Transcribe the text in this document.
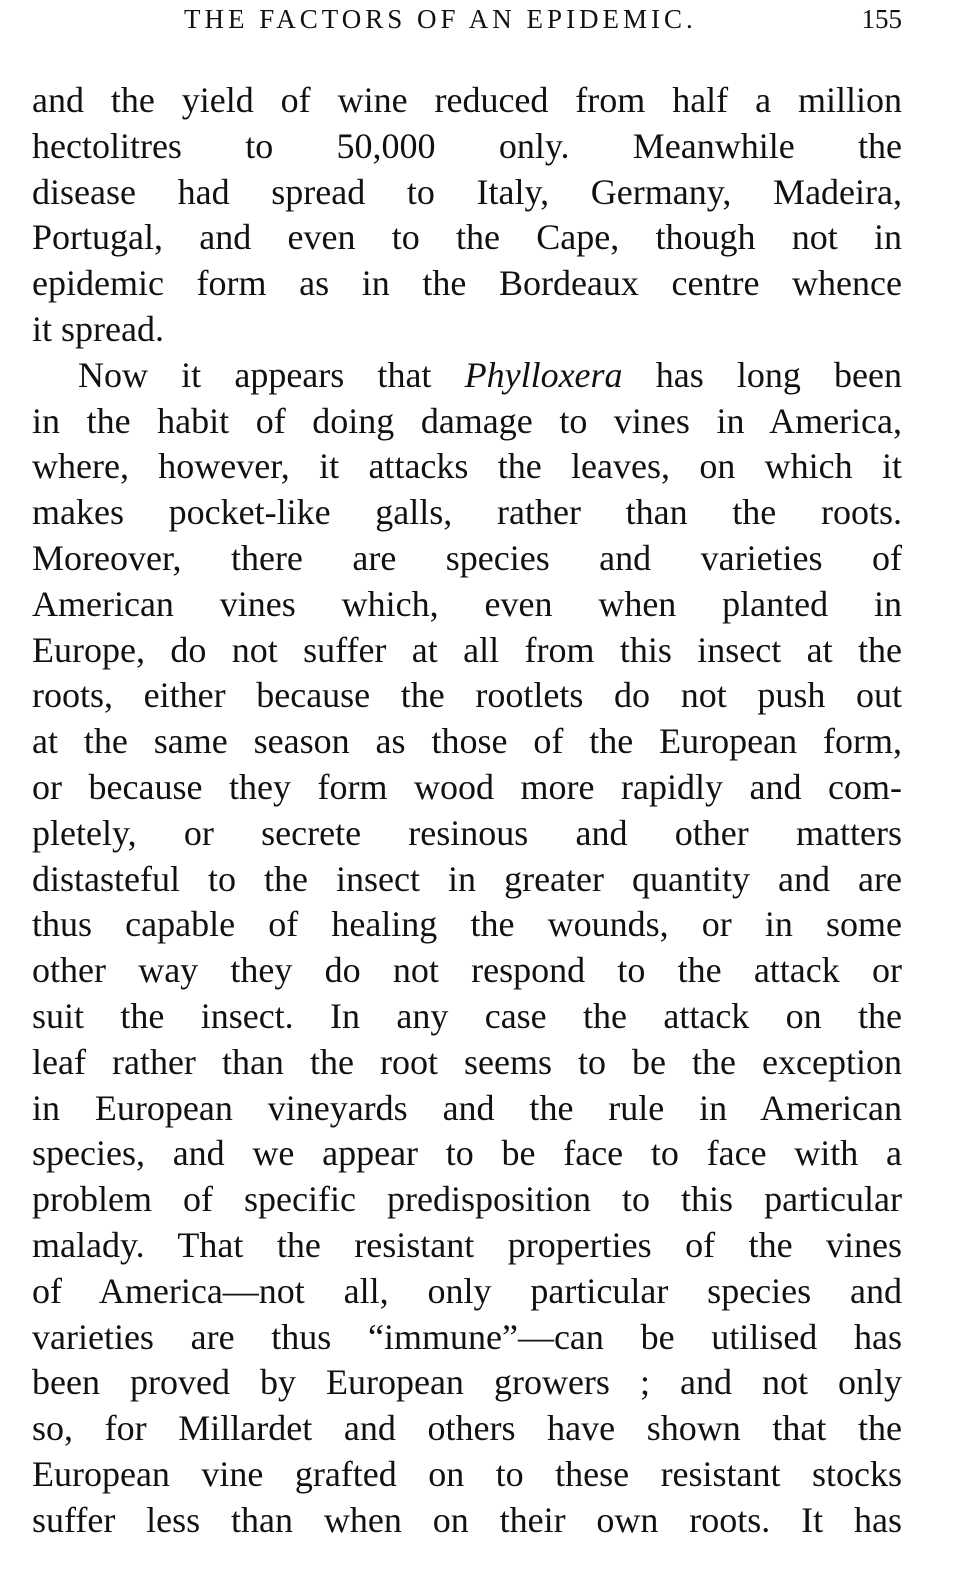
THE FACTORS OF AN EPIDEMIC.	155
and the yield of wine reduced from half a million
hectolitres to 50,000 only. Meanwhile the
disease had spread to Italy, Germany, Madeira,
Portugal, and even to the Cape, though not in
epidemic form as in the Bordeaux centre whence
it spread.
Now it appears that Phylloxera has long been
in the habit of doing damage to vines in America,
where, however, it attacks the leaves, on which it
makes pocket-like galls, rather than the roots.
Moreover, there are species and varieties of
American vines which, even when planted in
Europe, do not suffer at all from this insect at the
roots, either because the rootlets do not push out
at the same season as those of the European form,
or because they form wood more rapidly and com-
pletely, or secrete resinous and other matters
distasteful to the insect in greater quantity and are
thus capable of healing the wounds, or in some
other way they do not respond to the attack or
suit the insect. In any case the attack on the
leaf rather than the root seems to be the exception
in European vineyards and the rule in American
species, and we appear to be face to face with a
problem of specific predisposition to this particular
malady. That the resistant properties of the vines
of America—not all, only particular species and
varieties are thus “immune”—can be utilised has
been proved by European growers ; and not only
so, for Millardet and others have shown that the
European vine grafted on to these resistant stocks
suffer less than when on their own roots. It has
